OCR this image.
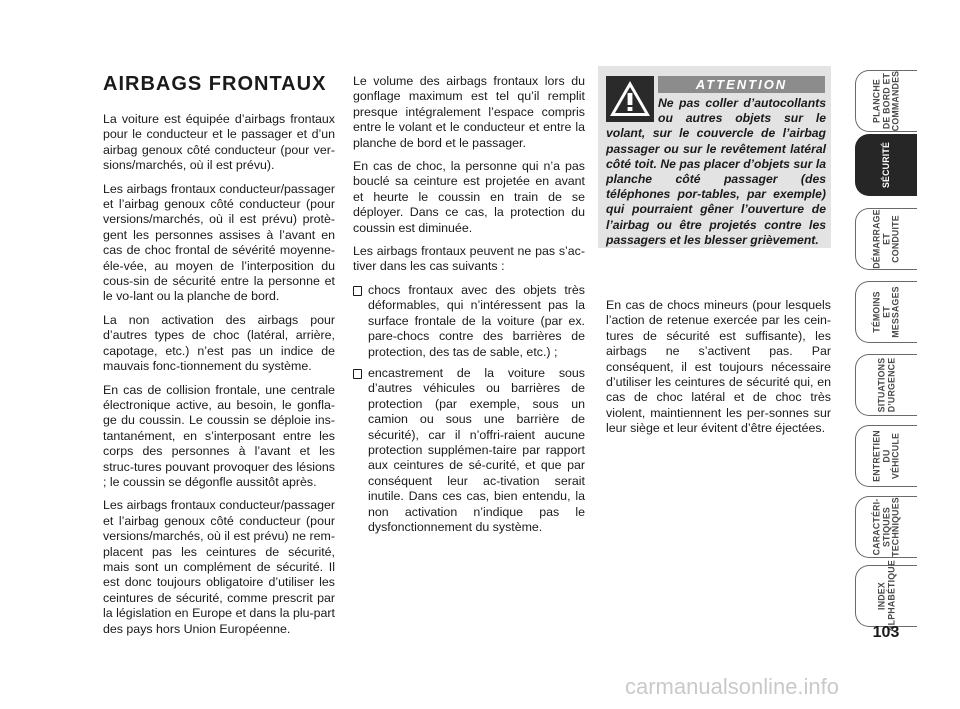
AIRBAGS FRONTAUX

La voiture est équipée d’airbags frontaux pour le conducteur et le passager et d’un airbag genoux côté conducteur (pour ver-sions/marchés, où il est prévu).

Les airbags frontaux conducteur/passager et l’airbag genoux côté conducteur (pour versions/marchés, où il est prévu) protè-gent les personnes assises à l’avant en cas de choc frontal de sévérité moyenne-éle-vée, au moyen de l’interposition du cous-sin de sécurité entre la personne et le vo-lant ou la planche de bord.

La non activation des airbags pour d’autres types de choc (latéral, arrière, capotage, etc.) n’est pas un indice de mauvais fonc-tionnement du système.

En cas de collision frontale, une centrale électronique active, au besoin, le gonfla-ge du coussin. Le coussin se déploie ins-tantanément, en s’interposant entre les corps des personnes à l’avant et les struc-tures pouvant provoquer des lésions ; le coussin se dégonfle aussitôt après.

Les airbags frontaux conducteur/passager et l’airbag genoux côté conducteur (pour versions/marchés, où il est prévu) ne rem-placent pas les ceintures de sécurité, mais sont un complément de sécurité. Il est donc toujours obligatoire d’utiliser les ceintures de sécurité, comme prescrit par la législation en Europe et dans la plu-part des pays hors Union Européenne.

Le volume des airbags frontaux lors du gonflage maximum est tel qu’il remplit presque intégralement l’espace compris entre le volant et le conducteur et entre la planche de bord et le passager.

En cas de choc, la personne qui n’a pas bouclé sa ceinture est projetée en avant et heurte le coussin en train de se déployer. Dans ce cas, la protection du coussin est diminuée.

Les airbags frontaux peuvent ne pas s’ac-tiver dans les cas suivants :

chocs frontaux avec des objets très déformables, qui n’intéressent pas la surface frontale de la voiture (par ex. pare-chocs contre des barrières de protection, des tas de sable, etc.) ;
encastrement de la voiture sous d’autres véhicules ou barrières de protection (par exemple, sous un camion ou sous une barrière de sécurité), car il n’offri-raient aucune protection supplémen-taire par rapport aux ceintures de sé-curité, et que par conséquent leur ac-tivation serait inutile. Dans ces cas, bien entendu, la non activation n’indique pas le dysfonctionnement du système.
ATTENTION
Ne pas coller d’autocollants ou autres objets sur le volant, sur le couvercle de l’airbag passager ou sur le revêtement latéral côté toit. Ne pas placer d’objets sur la planche côté passager (des téléphones por-tables, par exemple) qui pourraient gêner l’ouverture de l’airbag ou être projetés contre les passagers et les blesser grièvement.

En cas de chocs mineurs (pour lesquels l’action de retenue exercée par les cein-tures de sécurité est suffisante), les airbags ne s’activent pas. Par conséquent, il est toujours nécessaire d’utiliser les ceintures de sécurité qui, en cas de choc latéral et de choc très violent, maintiennent les per-sonnes sur leur siège et leur évitent d’être éjectées.

PLANCHE
DE BORD ET
COMMANDES
SÉCURITÉ
DÉMARRAGE
ET CONDUITE
TÉMOINS
ET MESSAGES
SITUATIONS
D’URGENCE
ENTRETIEN
DU VÉHICULE
CARACTÉRI-
STIQUES
TECHNIQUES
INDEX
ALPHABÉTIQUE
103
carmanualsonline.info
